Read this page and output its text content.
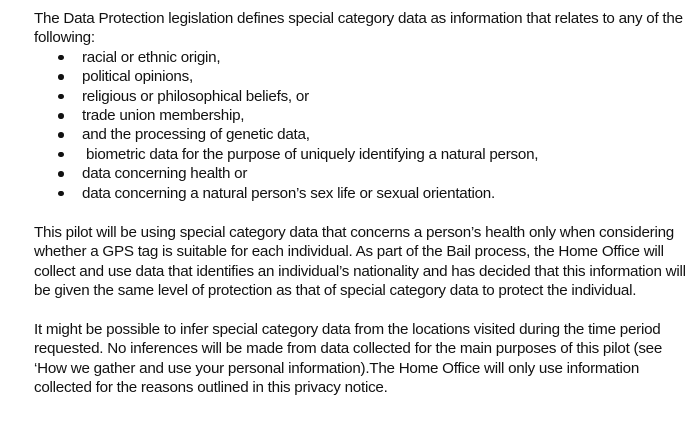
The Data Protection legislation defines special category data as information that relates to any of the following:

racial or ethnic origin,
political opinions,
religious or philosophical beliefs, or
trade union membership,
and the processing of genetic data,
biometric data for the purpose of uniquely identifying a natural person,
data concerning health or
data concerning a natural person’s sex life or sexual orientation.

This pilot will be using special category data that concerns a person’s health only when considering whether a GPS tag is suitable for each individual. As part of the Bail process, the Home Office will collect and use data that identifies an individual’s nationality and has decided that this information will be given the same level of protection as that of special category data to protect the individual.

It might be possible to infer special category data from the locations visited during the time period requested. No inferences will be made from data collected for the main purposes of this pilot (see ‘How we gather and use your personal information).The Home Office will only use information collected for the reasons outlined in this privacy notice.
